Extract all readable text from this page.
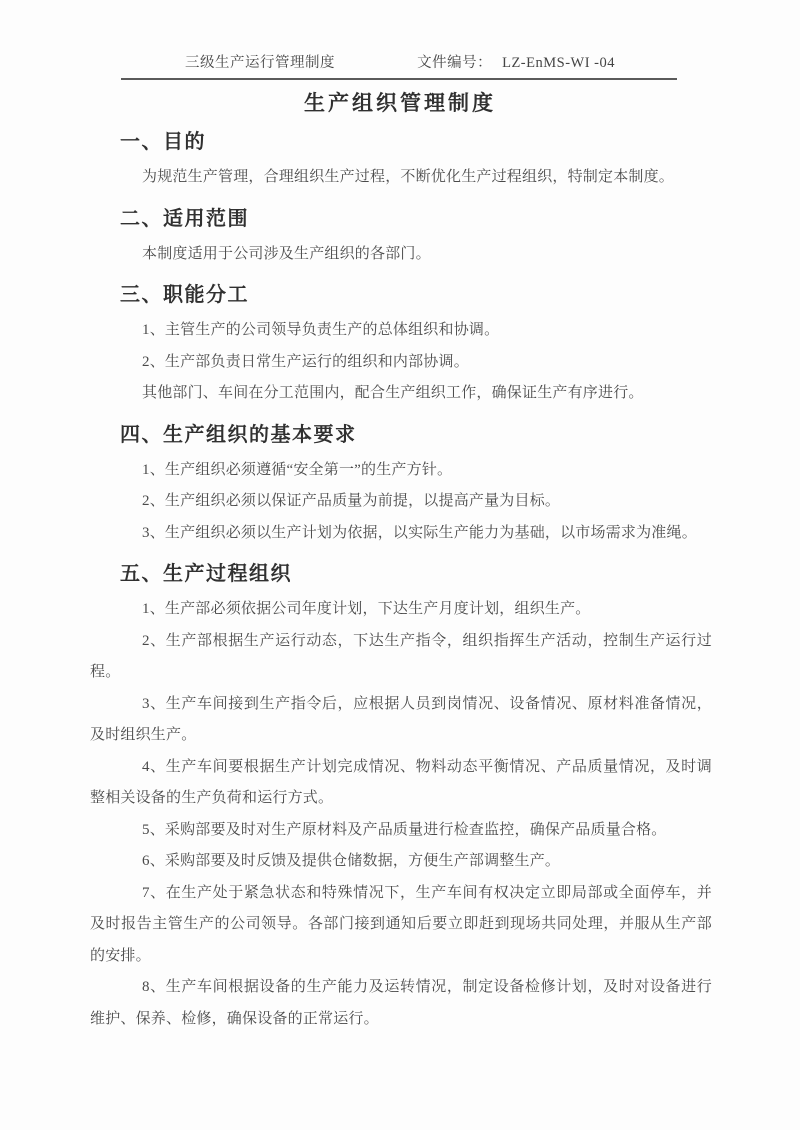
三级生产运行管理制度	文件编号： LZ-EnMS-WI -04
生产组织管理制度
一、目的

为规范生产管理，合理组织生产过程，不断优化生产过程组织，特制定本制度。

二、适用范围

本制度适用于公司涉及生产组织的各部门。

三、职能分工

1、主管生产的公司领导负责生产的总体组织和协调。

2、生产部负责日常生产运行的组织和内部协调。

其他部门、车间在分工范围内，配合生产组织工作，确保证生产有序进行。

四、生产组织的基本要求

1、生产组织必须遵循“安全第一”的生产方针。

2、生产组织必须以保证产品质量为前提，以提高产量为目标。

3、生产组织必须以生产计划为依据，以实际生产能力为基础，以市场需求为准绳。

五、生产过程组织

1、生产部必须依据公司年度计划，下达生产月度计划，组织生产。

2、生产部根据生产运行动态，下达生产指令，组织指挥生产活动，控制生产运行过程。

3、生产车间接到生产指令后，应根据人员到岗情况、设备情况、原材料准备情况，及时组织生产。

4、生产车间要根据生产计划完成情况、物料动态平衡情况、产品质量情况，及时调整相关设备的生产负荷和运行方式。

5、采购部要及时对生产原材料及产品质量进行检查监控，确保产品质量合格。

6、采购部要及时反馈及提供仓储数据，方便生产部调整生产。

7、在生产处于紧急状态和特殊情况下，生产车间有权决定立即局部或全面停车，并及时报告主管生产的公司领导。各部门接到通知后要立即赶到现场共同处理，并服从生产部的安排。

8、生产车间根据设备的生产能力及运转情况，制定设备检修计划，及时对设备进行维护、保养、检修，确保设备的正常运行。
